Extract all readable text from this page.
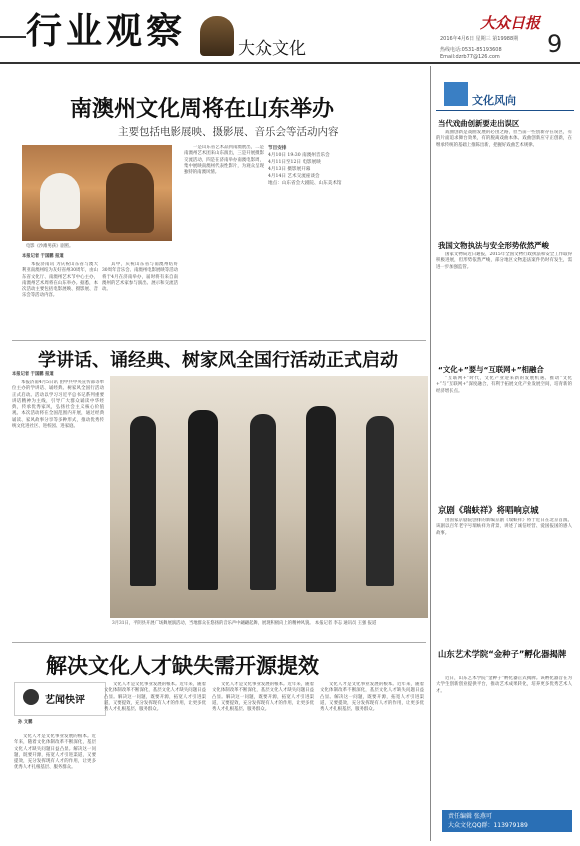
行业观察	大众文化
大众日报
2016年4月6日 星期三 第19988期
热线电话:0531-85193608 Email:dzrb77@126.com	9
南澳州文化周将在山东举办
主要包括电影展映、摄影展、音乐会等活动内容
电影《沙滩男孩》剧照。
本报记者 于国鹏 报道

本报济南讯 为庆祝山东省与澳大利亚南澳州结为友好省州30周年，由山东省文化厅、南澳州艺术节中心主办，南澳州艺术周将在山东举办。据悉，本次活动主要包括电影展映、摄影展、音乐会等活动内容。

其中，庆祝山东省与南澳州结好30周年音乐会、南澳州电影展映等活动将于4月在济南举办，届时将有来自南澳州的艺术家参与演出、展示和交流活动。

一是山东省艺术品到南澳展出，二是南澳州艺术团来山东演出，三是开展摄影交流活动，四是在济南举办南澳电影周，集中展映南澳州代表性影片，为观众呈现独特的南澳风情。

节目安排
4月10日 19:30 南澳州音乐会
4月11日至12日 电影展映
4月13日 摄影展开幕
4月14日 艺术交流座谈会
地点：山东省会大剧院、山东美术馆
文化风向
当代戏曲创新要走出误区

戏曲创新是戏曲发展的必由之路，但当前一些创新存在误区，有的片面追求舞台效果，有的脱离戏曲本体。戏曲创新应守正创新，在继承传统的基础上推陈出新，把握好戏曲艺术规律。

我国文物执法与安全形势依然严峻

国家文物局近日通报，2015年全国文物行政执法和安全工作取得积极进展，但形势依然严峻，部分地区文物违法案件仍时有发生，需进一步加强监管。

“文化+”要与“互联网+”相融合

“互联网+”时代，文化产业迎来新的发展机遇。推动“文化+”与“互联网+”深度融合，有利于拓展文化产业发展空间，培育新的经济增长点。

京剧《瑞蚨祥》将唱响京城

由国家京剧院创排的新编京剧《瑞蚨祥》将于近日在北京首演。该剧以百年老字号瑞蚨祥为背景，讲述了诚信经营、爱国报国的感人故事。

山东艺术学院“金种子”孵化器揭牌

近日，山东艺术学院“金种子”孵化器正式揭牌。该孵化器旨在为大学生创新创业提供平台，推动艺术成果转化，培养更多优秀艺术人才。

责任编辑 张燕可
大众文化QQ群：113979189
学讲话、诵经典、树家风全国行活动正式启动
本报记者 于国鹏 报道

本报济南4月5日讯 由中共中央宣传部等单位主办的学讲话、诵经典、树家风全国行活动正式启动。活动以学习习近平总书记系列重要讲话精神为主线，引导广大群众诵读中华经典，传承优秀家风，弘扬社会主义核心价值观。本次活动将在全国范围内开展，通过经典诵读、家风故事分享等多种形式，推动优秀传统文化进社区、进校园、进家庭。

3月31日，平阴县开展广场舞展演活动，当地群众在悠扬的音乐声中翩翩起舞，展现积极向上的精神风貌。 本报记者 李志 通讯员 王强 报道
解决文化人才缺失需开源提效
艺闻快评
孙 文鹏

文化人才是文化事业发展的根本。近年来，随着文化体制改革不断深化，基层文化人才缺失问题日益凸显。解决这一问题，既要开源，拓宽人才引进渠道，又要提效，充分发挥现有人才的作用，让更多优秀人才扎根基层、服务群众。

文化人才是文化事业发展的根本。近年来，随着文化体制改革不断深化，基层文化人才缺失问题日益凸显。解决这一问题，既要开源，拓宽人才引进渠道，又要提效，充分发挥现有人才的作用，让更多优秀人才扎根基层、服务群众。

文化人才是文化事业发展的根本。近年来，随着文化体制改革不断深化，基层文化人才缺失问题日益凸显。解决这一问题，既要开源，拓宽人才引进渠道，又要提效，充分发挥现有人才的作用，让更多优秀人才扎根基层、服务群众。

文化人才是文化事业发展的根本。近年来，随着文化体制改革不断深化，基层文化人才缺失问题日益凸显。解决这一问题，既要开源，拓宽人才引进渠道，又要提效，充分发挥现有人才的作用，让更多优秀人才扎根基层、服务群众。
